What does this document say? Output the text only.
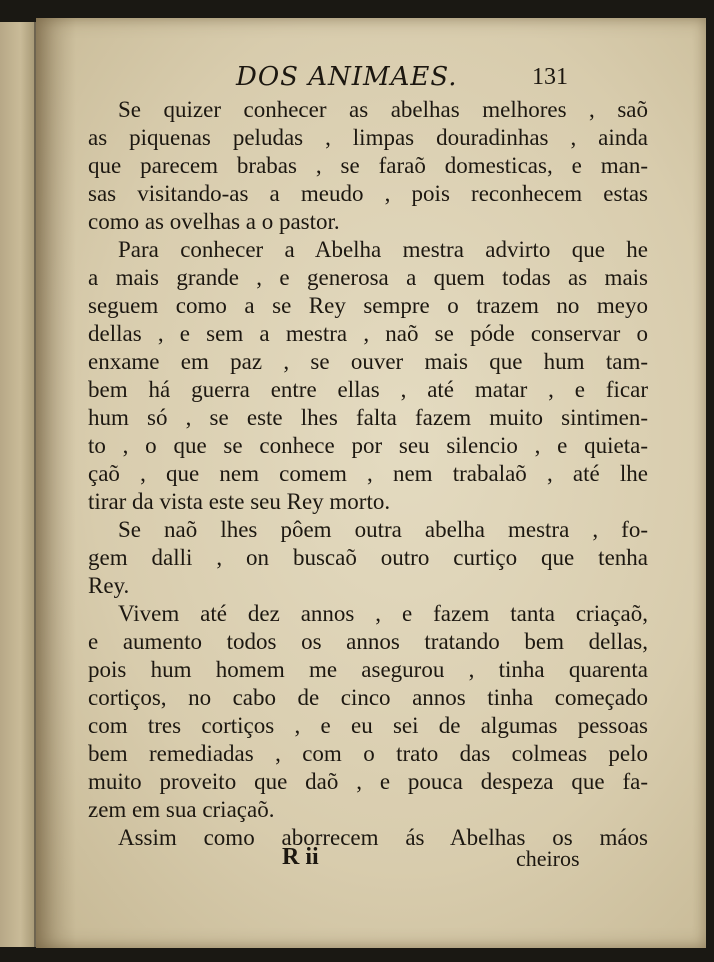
DOS ANIMAES.	131
Se quizer conhecer as abelhas melhores , saõ
as piquenas peludas , limpas douradinhas , ainda
que parecem brabas , se faraõ domesticas, e man-
sas visitando-as a meudo , pois reconhecem estas
como as ovelhas a o pastor.
Para conhecer a Abelha mestra advirto que he
a mais grande , e generosa a quem todas as mais
seguem como a se Rey sempre o trazem no meyo
dellas , e sem a mestra , naõ se póde conservar o
enxame em paz , se ouver mais que hum tam-
bem há guerra entre ellas , até matar , e ficar
hum só , se este lhes falta fazem muito sintimen-
to , o que se conhece por seu silencio , e quieta-
çaõ , que nem comem , nem trabalaõ , até lhe
tirar da vista este seu Rey morto.
Se naõ lhes pôem outra abelha mestra , fo-
gem dalli , on buscaõ outro curtiço que tenha
Rey.
Vivem até dez annos , e fazem tanta criaçaõ,
e aumento todos os annos tratando bem dellas,
pois hum homem me asegurou , tinha quarenta
cortiços, no cabo de cinco annos tinha começado
com tres cortiços , e eu sei de algumas pessoas
bem remediadas , com o trato das colmeas pelo
muito proveito que daõ , e pouca despeza que fa-
zem em sua criaçaõ.
Assim como aborrecem ás Abelhas os máos
R ii	cheiros
